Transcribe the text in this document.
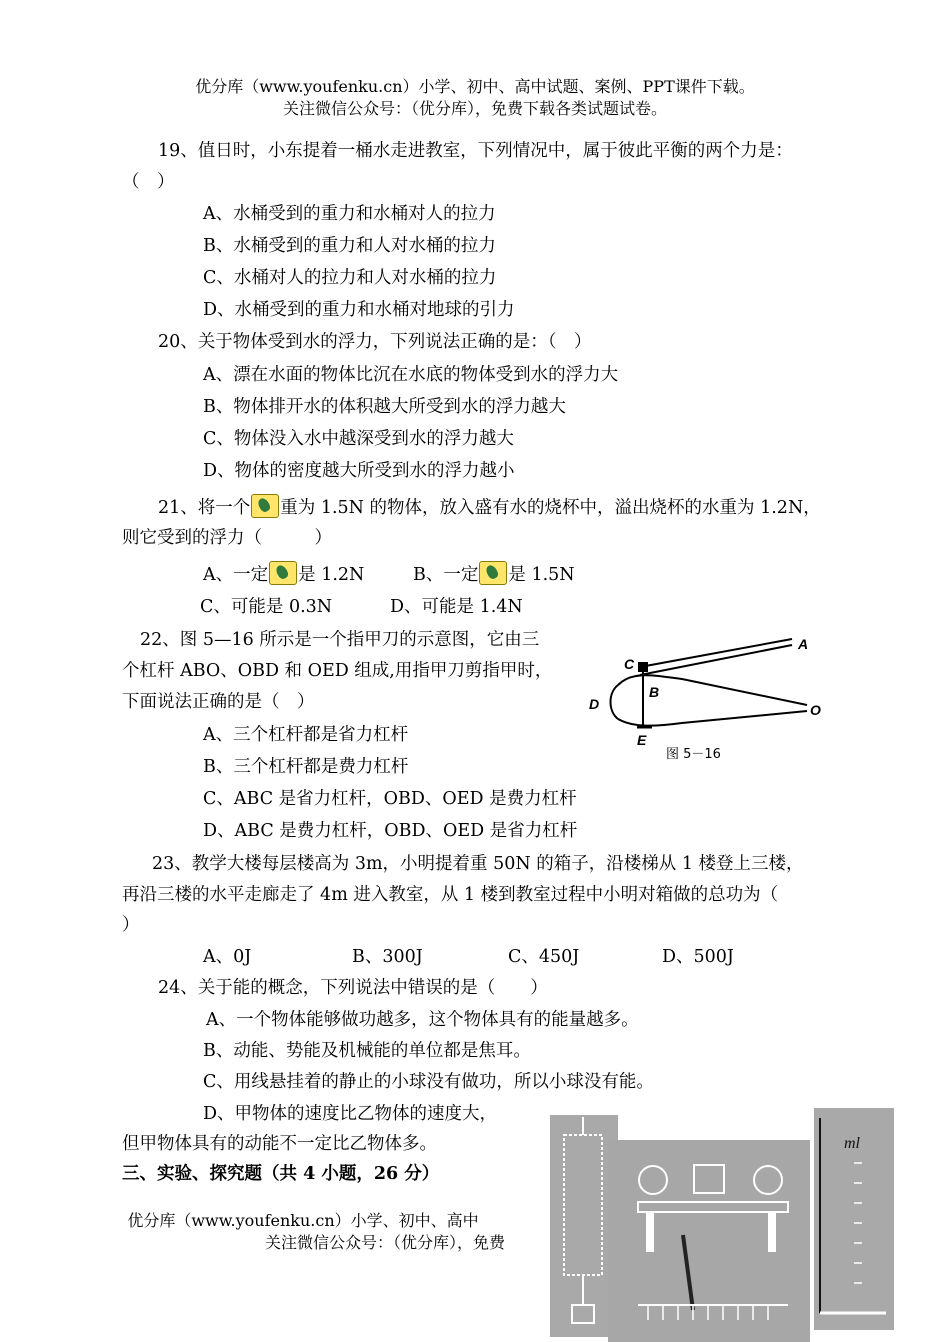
优分库（www.youfenku.cn）小学、初中、高中试题、案例、PPT课件下载。
关注微信公众号：（优分库），免费下载各类试题试卷。
19、值日时，小东提着一桶水走进教室，下列情况中，属于彼此平衡的两个力是：
（　）
A、水桶受到的重力和水桶对人的拉力
B、水桶受到的重力和人对水桶的拉力
C、水桶对人的拉力和人对水桶的拉力
D、水桶受到的重力和水桶对地球的引力
20、关于物体受到水的浮力，下列说法正确的是：（　）
A、漂在水面的物体比沉在水底的物体受到水的浮力大
B、物体排开水的体积越大所受到水的浮力越大
C、物体没入水中越深受到水的浮力越大
D、物体的密度越大所受到水的浮力越小
21、将一个 重为 1.5N 的物体，放入盛有水的烧杯中，溢出烧杯的水重为 1.2N，
则它受到的浮力（　　　）
A、一定 是 1.2N	B、一定 是 1.5N
C、可能是 0.3N	D、可能是 1.4N
22、图 5—16 所示是一个指甲刀的示意图，它由三
个杠杆 ABO、OBD 和 OED 组成,用指甲刀剪指甲时，
下面说法正确的是（　）
A、三个杠杆都是省力杠杆
B、三个杠杆都是费力杠杆
C、ABC 是省力杠杆，OBD、OED 是费力杠杆
D、ABC 是费力杠杆，OBD、OED 是省力杠杆
C
A
B
D	O
E
图 5－16
23、教学大楼每层楼高为 3m，小明提着重 50N 的箱子，沿楼梯从 1 楼登上三楼，
再沿三楼的水平走廊走了 4m 进入教室，从 1 楼到教室过程中小明对箱做的总功为（
）
A、0J	B、300J	C、450J	D、500J
24、关于能的概念，下列说法中错误的是（　　）
A、一个物体能够做功越多，这个物体具有的能量越多。
B、动能、势能及机械能的单位都是焦耳。
C、用线悬挂着的静止的小球没有做功，所以小球没有能。
D、甲物体的速度比乙物体的速度大，
但甲物体具有的动能不一定比乙物体多。
三、实验、探究题（共 4 小题，26 分）
优分库（www.youfenku.cn）小学、初中、高中
关注微信公众号：（优分库），免费
ml
